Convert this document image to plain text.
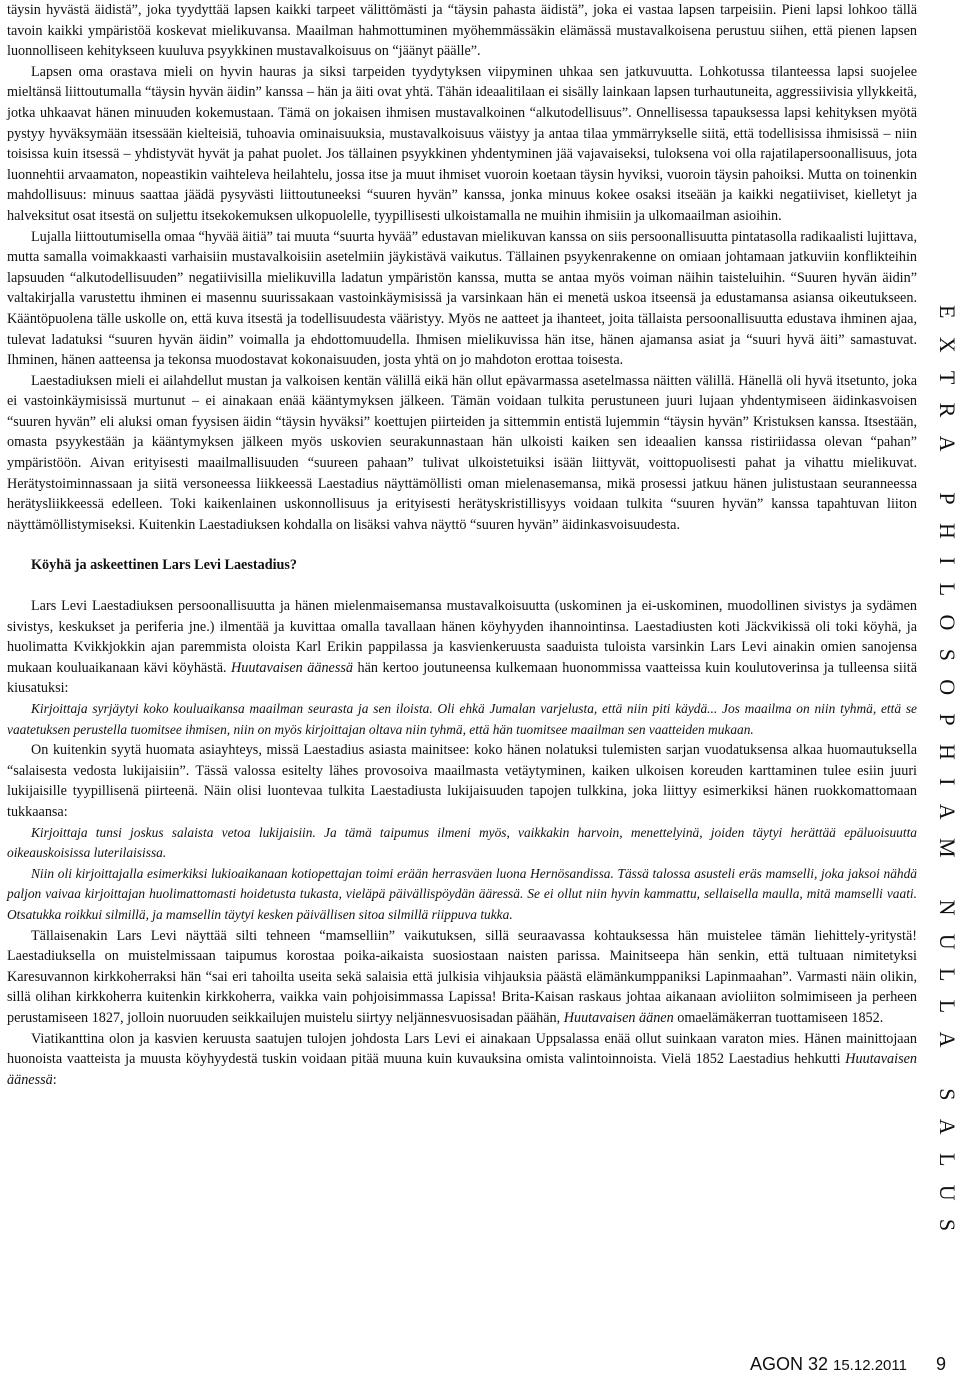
täysin hyvästä äidistä”, joka tyydyttää lapsen kaikki tarpeet välittömästi ja “täysin pahasta äidistä”, joka ei vastaa lapsen tarpeisiin. Pieni lapsi lohkoo tällä tavoin kaikki ympäristöä koskevat mielikuvansa. Maailman hahmottuminen myöhemmässäkin elämässä mustavalkoisena perustuu siihen, että pienen lapsen luonnolliseen kehitykseen kuuluva psyykkinen mustavalkoisuus on “jäänyt päälle”.

Lapsen oma orastava mieli on hyvin hauras ja siksi tarpeiden tyydytyksen viipyminen uhkaa sen jatkuvuutta. Lohkotussa tilanteessa lapsi suojelee mieltänsä liittoutumalla “täysin hyvän äidin” kanssa – hän ja äiti ovat yhtä. Tähän ideaalitilaan ei sisälly lainkaan lapsen turhautuneita, aggressiivisia yllykkeitä, jotka uhkaavat hänen minuuden kokemustaan. Tämä on jokaisen ihmisen mustavalkoinen “alkutodellisuus”. Onnellisessa tapauksessa lapsi kehityksen myötä pystyy hyväksymään itsessään kielteisiä, tuhoavia ominaisuuksia, mustavalkoisuus väistyy ja antaa tilaa ymmärrykselle siitä, että todellisissa ihmisissä – niin toisissa kuin itsessä – yhdistyvät hyvät ja pahat puolet. Jos tällainen psyykkinen yhdentyminen jää vajavaiseksi, tuloksena voi olla rajatilapersoonallisuus, jota luonnehtii arvaamaton, nopeastikin vaihteleva heilahtelu, jossa itse ja muut ihmiset vuoroin koetaan täysin hyviksi, vuoroin täysin pahoiksi. Mutta on toinenkin mahdollisuus: minuus saattaa jäädä pysyvästi liittoutuneeksi “suuren hyvän” kanssa, jonka minuus kokee osaksi itseään ja kaikki negatiiviset, kielletyt ja halveksitut osat itsestä on suljettu itsekokemuksen ulkopuolelle, tyypillisesti ulkoistamalla ne muihin ihmisiin ja ulkomaailman asioihin.

Lujalla liittoutumisella omaa “hyvää äitiä” tai muuta “suurta hyvää” edustavan mielikuvan kanssa on siis persoonallisuutta pintatasolla radikaalisti lujittava, mutta samalla voimakkaasti varhaisiin mustavalkoisiin asetelmiin jäykistävä vaikutus. Tällainen psyykenrakenne on omiaan johtamaan jatkuviin konflikteihin lapsuuden “alkutodellisuuden” negatiivisilla mielikuvilla ladatun ympäristön kanssa, mutta se antaa myös voiman näihin taisteluihin. “Suuren hyvän äidin” valtakirjalla varustettu ihminen ei masennu suurissakaan vastoinkäymisissä ja varsinkaan hän ei menetä uskoa itseensä ja edustamansa asiansa oikeutukseen. Kääntöpuolena tälle uskolle on, että kuva itsestä ja todellisuudesta vääristyy. Myös ne aatteet ja ihanteet, joita tällaista persoonallisuutta edustava ihminen ajaa, tulevat ladatuksi “suuren hyvän äidin” voimalla ja ehdottomuudella. Ihmisen mielikuvissa hän itse, hänen ajamansa asiat ja “suuri hyvä äiti” samastuvat. Ihminen, hänen aatteensa ja tekonsa muodostavat kokonaisuuden, josta yhtä on jo mahdoton erottaa toisesta.

Laestadiuksen mieli ei ailahdellut mustan ja valkoisen kentän välillä eikä hän ollut epävarmassa asetelmassa näitten välillä. Hänellä oli hyvä itsetunto, joka ei vastoinkäymisissä murtunut – ei ainakaan enää kääntymyksen jälkeen. Tämän voidaan tulkita perustuneen juuri lujaan yhdentymiseen äidinkasvoisen “suuren hyvän” eli aluksi oman fyysisen äidin “täysin hyväksi” koettujen piirteiden ja sittemmin entistä lujemmin “täysin hyvän” Kristuksen kanssa. Itsestään, omasta psyykestään ja kääntymyksen jälkeen myös uskovien seurakunnastaan hän ulkoisti kaiken sen ideaalien kanssa ristiriidassa olevan “pahan” ympäristöön. Aivan erityisesti maailmallisuuden “suureen pahaan” tulivat ulkoistetuiksi isään liittyvät, voittopuolisesti pahat ja vihattu mielikuvat. Herätystoiminnassaan ja siitä versoneessa liikkeessä Laestadius näyttämöllisti oman mielenasemansa, mikä prosessi jatkuu hänen julistustaan seuranneessa herätysliikkeessä edelleen. Toki kaikenlainen uskonnollisuus ja erityisesti herätyskristillisyys voidaan tulkita “suuren hyvän” kanssa tapahtuvan liiton näyttämöllistymiseksi. Kuitenkin Laestadiuksen kohdalla on lisäksi vahva näyttö “suuren hyvän” äidinkasvoisuudesta.

Köyhä ja askeettinen Lars Levi Laestadius?

Lars Levi Laestadiuksen persoonallisuutta ja hänen mielenmaisemansa mustavalkoisuutta (uskominen ja ei-uskominen, muodollinen sivistys ja sydämen sivistys, keskukset ja periferia jne.) ilmentää ja kuvittaa omalla tavallaan hänen köyhyyden ihannointinsa. Laestadiusten koti Jäckvikissä oli toki köyhä, ja huolimatta Kvikkjokkin ajan paremmista oloista Karl Erikin pappilassa ja kasvienkeruusta saaduista tuloista varsinkin Lars Levi ainakin omien sanojensa mukaan kouluaikanaan kävi köyhästä. Huutavaisen äänessä hän kertoo joutuneensa kulkemaan huonommissa vaatteissa kuin koulutoverinsa ja tulleensa siitä kiusatuksi:

Kirjoittaja syrjäytyi koko kouluaikansa maailman seurasta ja sen iloista. Oli ehkä Jumalan varjelusta, että niin piti käydä... Jos maailma on niin tyhmä, että se vaatetuksen perustella tuomitsee ihmisen, niin on myös kirjoittajan oltava niin tyhmä, että hän tuomitsee maailman sen vaatteiden mukaan.

On kuitenkin syytä huomata asiayhteys, missä Laestadius asiasta mainitsee: koko hänen nolatuksi tulemisten sarjan vuodatuksensa alkaa huomautuksella “salaisesta vedosta lukijaisiin”. Tässä valossa esitelty lähes provosoiva maailmasta vetäytyminen, kaiken ulkoisen koreuden karttaminen tulee esiin juuri lukijaisille tyypillisenä piirteenä. Näin olisi luontevaa tulkita Laestadiusta lukijaisuuden tapojen tulkkina, joka liittyy esimerkiksi hänen ruokkomattomaan tukkaansa:

Kirjoittaja tunsi joskus salaista vetoa lukijaisiin. Ja tämä taipumus ilmeni myös, vaikkakin harvoin, menettelyinä, joiden täytyi herättää epäluoisuutta oikeauskoisissa luterilaisissa.

Niin oli kirjoittajalla esimerkiksi lukioaikanaan kotiopettajan toimi erään herrasväen luona Hernösandissa. Tässä talossa asusteli eräs mamselli, joka jaksoi nähdä paljon vaivaa kirjoittajan huolimattomasti hoidetusta tukasta, vieläpä päivällispöydän ääressä. Se ei ollut niin hyvin kammattu, sellaisella maulla, mitä mamselli vaati. Otsatukka roikkui silmillä, ja mamsellin täytyi kesken päivällisen sitoa silmillä riippuva tukka.

Tällaisenakin Lars Levi näyttää silti tehneen “mamselliin” vaikutuksen, sillä seuraavassa kohtauksessa hän muistelee tämän liehittely-yritystä! Laestadiuksella on muistelmissaan taipumus korostaa poika-aikaista suosiostaan naisten parissa. Mainitseepa hän senkin, että tultuaan nimitetyksi Karesuvannon kirkkoherraksi hän “sai eri tahoilta useita sekä salaisia että julkisia vihjauksia päästä elämänkumppaniksi Lapinmaahan”. Varmasti näin olikin, sillä olihan kirkkoherra kuitenkin kirkkoherra, vaikka vain pohjoisimmassa Lapissa! Brita-Kaisan raskaus johtaa aikanaan avioliiton solmimiseen ja perheen perustamiseen 1827, jolloin nuoruuden seikkailujen muistelu siirtyy neljännesvuosisadan päähän, Huutavaisen äänen omaelämäkerran tuottamiseen 1852.

Viatikanttina olon ja kasvien keruusta saatujen tulojen johdosta Lars Levi ei ainakaan Uppsalassa enää ollut suinkaan varaton mies. Hänen mainittojaan huonoista vaatteista ja muusta köyhyydestä tuskin voidaan pitää muuna kuin kuvauksina omista valintoinnoista. Vielä 1852 Laestadius hehkutti Huutavaisen äänessä:	EXTRA PHILOSOPHIAM NULLA SALUS
AGON 32 15.12.2011 9
